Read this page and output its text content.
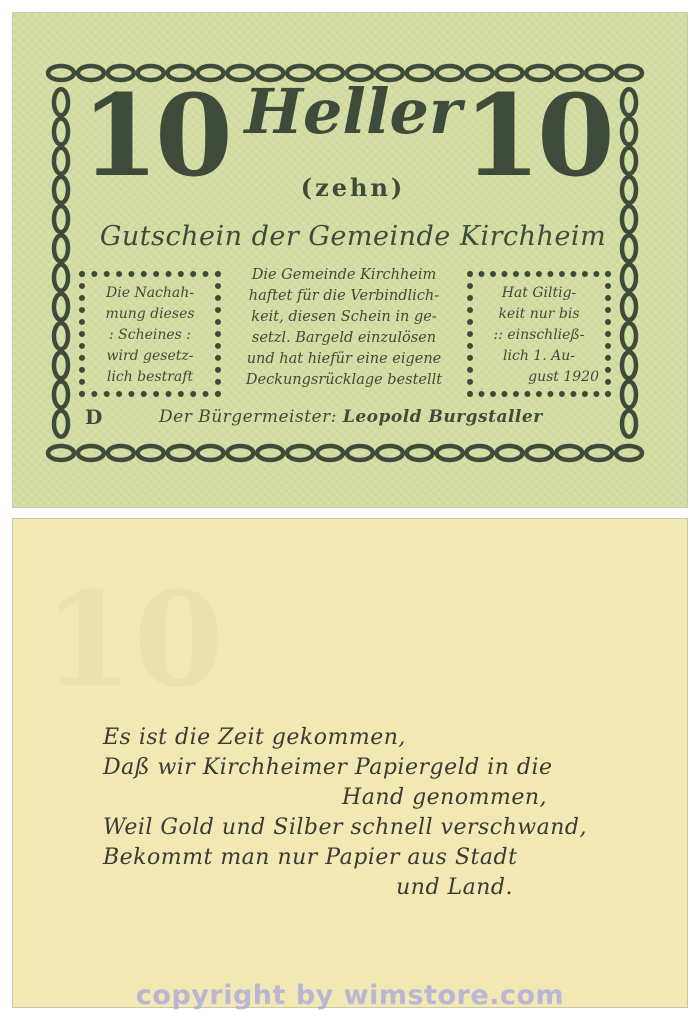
10 Heller 10
(zehn)
Gutschein der Gemeinde Kirchheim
Die Nachah-
mung dieses
: Scheines :
wird gesetz-
lich bestraft
Die Gemeinde Kirchheim
haftet für die Verbindlich-
keit, diesen Schein in ge-
setzl. Bargeld einzulösen
und hat hiefür eine eigene
Deckungsrücklage bestellt
Hat Giltig-
keit nur bis
:: einschließ-
lich 1. Au-
gust 1920
D	Der Bürgermeister: Leopold Burgstaller
10
Es ist die Zeit gekommen,
Daß wir Kirchheimer Papiergeld in die
Hand genommen,
Weil Gold und Silber schnell verschwand,
Bekommt man nur Papier aus Stadt
und Land.
copyright by wimstore.com
